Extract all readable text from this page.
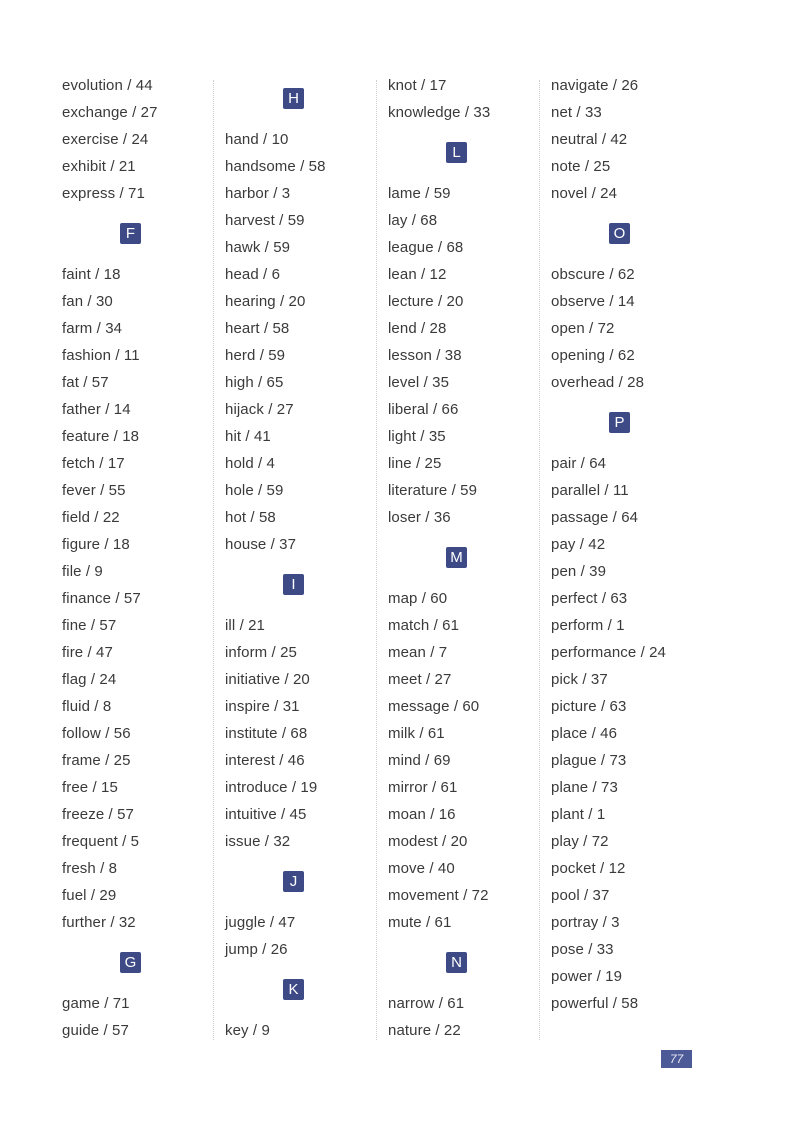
evolution / 44
exchange / 27
exercise / 24
exhibit / 21
express / 71
F
faint / 18
fan / 30
farm / 34
fashion / 11
fat / 57
father / 14
feature / 18
fetch / 17
fever / 55
field / 22
figure / 18
file / 9
finance / 57
fine / 57
fire / 47
flag / 24
fluid / 8
follow / 56
frame / 25
free / 15
freeze / 57
frequent / 5
fresh / 8
fuel / 29
further / 32
G
game / 71
guide / 57
H
hand / 10
handsome / 58
harbor / 3
harvest / 59
hawk / 59
head / 6
hearing / 20
heart / 58
herd / 59
high / 65
hijack / 27
hit / 41
hold / 4
hole / 59
hot / 58
house / 37
I
ill / 21
inform / 25
initiative / 20
inspire / 31
institute / 68
interest / 46
introduce / 19
intuitive / 45
issue / 32
J
juggle / 47
jump / 26
K
key / 9
knot / 17
knowledge / 33
L
lame / 59
lay / 68
league / 68
lean / 12
lecture / 20
lend / 28
lesson / 38
level / 35
liberal / 66
light / 35
line / 25
literature / 59
loser / 36
M
map / 60
match / 61
mean / 7
meet / 27
message / 60
milk / 61
mind / 69
mirror / 61
moan / 16
modest / 20
move / 40
movement / 72
mute / 61
N
narrow / 61
nature / 22
navigate / 26
net / 33
neutral / 42
note / 25
novel / 24
O
obscure / 62
observe / 14
open / 72
opening / 62
overhead / 28
P
pair / 64
parallel / 11
passage / 64
pay / 42
pen / 39
perfect / 63
perform / 1
performance / 24
pick / 37
picture / 63
place / 46
plague / 73
plane / 73
plant / 1
play / 72
pocket / 12
pool / 37
portray / 3
pose / 33
power / 19
powerful / 58
77
